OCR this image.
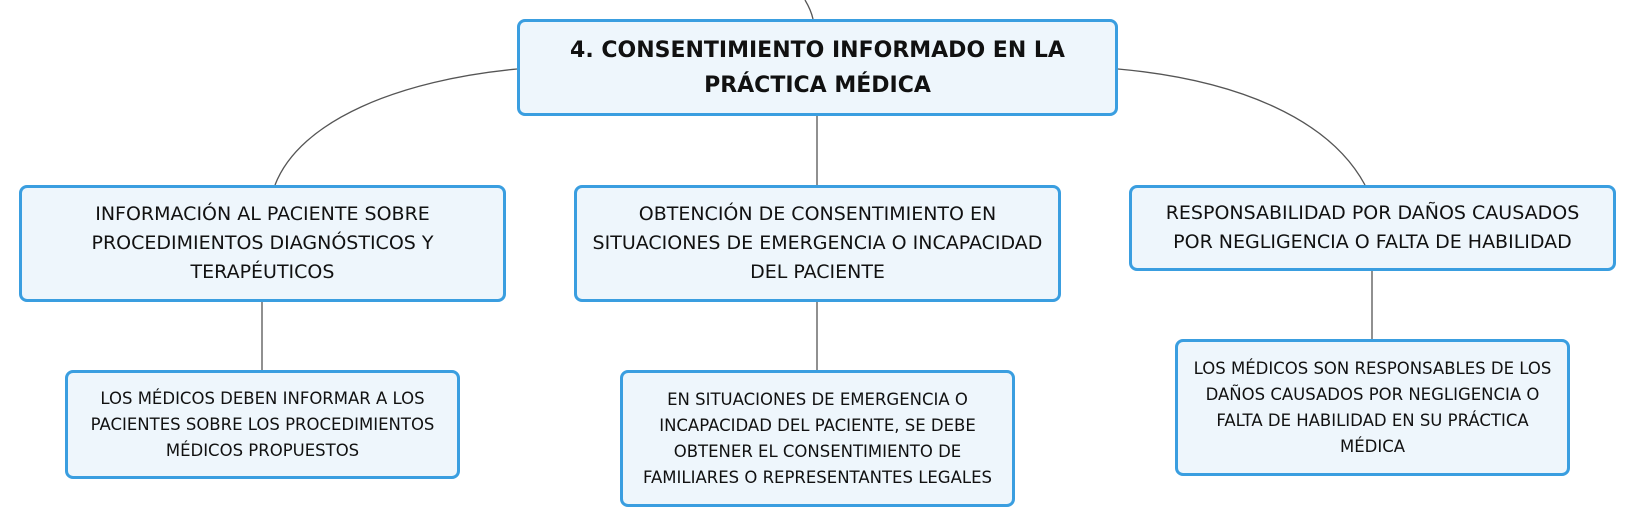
4. CONSENTIMIENTO INFORMADO EN LA PRÁCTICA MÉDICA
INFORMACIÓN AL PACIENTE SOBRE PROCEDIMIENTOS DIAGNÓSTICOS Y TERAPÉUTICOS
OBTENCIÓN DE CONSENTIMIENTO EN SITUACIONES DE EMERGENCIA O INCAPACIDAD DEL PACIENTE
RESPONSABILIDAD POR DAÑOS CAUSADOS POR NEGLIGENCIA O FALTA DE HABILIDAD
LOS MÉDICOS DEBEN INFORMAR A LOS PACIENTES SOBRE LOS PROCEDIMIENTOS MÉDICOS PROPUESTOS
EN SITUACIONES DE EMERGENCIA O INCAPACIDAD DEL PACIENTE, SE DEBE OBTENER EL CONSENTIMIENTO DE FAMILIARES O REPRESENTANTES LEGALES
LOS MÉDICOS SON RESPONSABLES DE LOS DAÑOS CAUSADOS POR NEGLIGENCIA O FALTA DE HABILIDAD EN SU PRÁCTICA MÉDICA
